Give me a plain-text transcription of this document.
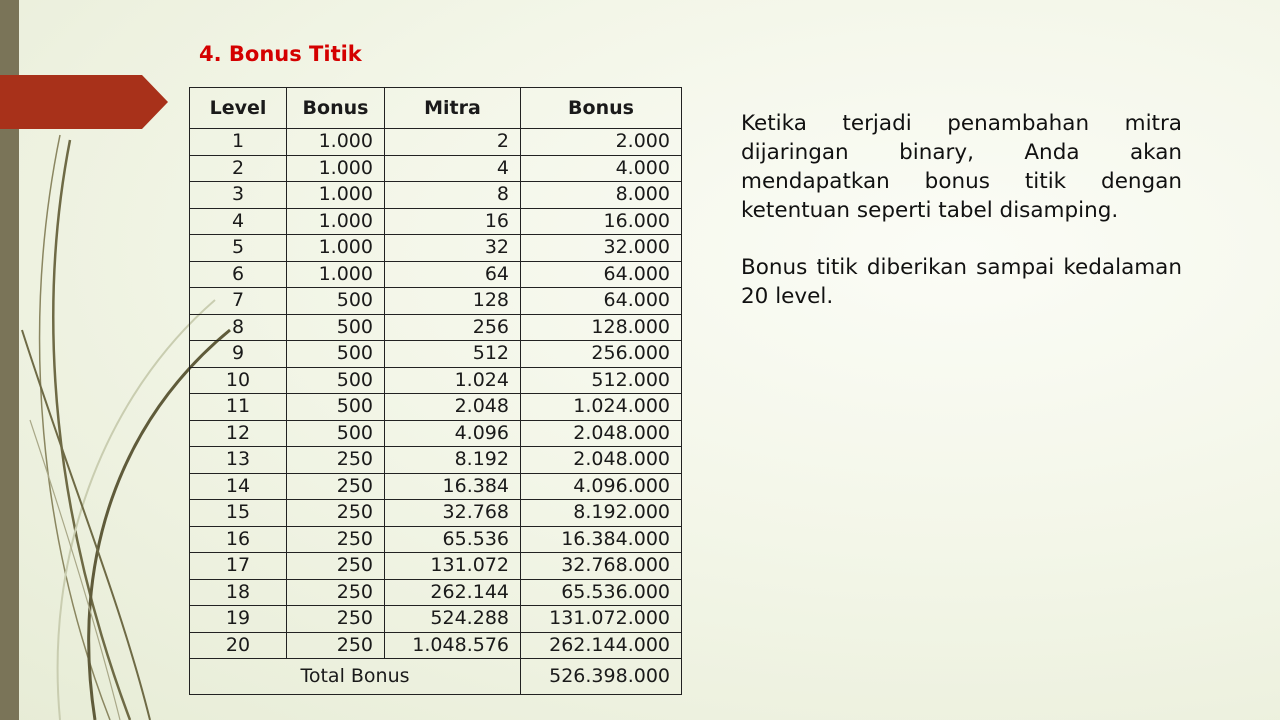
4. Bonus Titik
Level	Bonus	Mitra	Bonus
1	1.000	2	2.000
2	1.000	4	4.000
3	1.000	8	8.000
4	1.000	16	16.000
5	1.000	32	32.000
6	1.000	64	64.000
7	500	128	64.000
8	500	256	128.000
9	500	512	256.000
10	500	1.024	512.000
11	500	2.048	1.024.000
12	500	4.096	2.048.000
13	250	8.192	2.048.000
14	250	16.384	4.096.000
15	250	32.768	8.192.000
16	250	65.536	16.384.000
17	250	131.072	32.768.000
18	250	262.144	65.536.000
19	250	524.288	131.072.000
20	250	1.048.576	262.144.000
Total Bonus			526.398.000

Ketika terjadi penambahan mitra dijaringan binary, Anda akan mendapatkan bonus titik dengan ketentuan seperti tabel disamping.

Bonus titik diberikan sampai kedalaman 20 level.
